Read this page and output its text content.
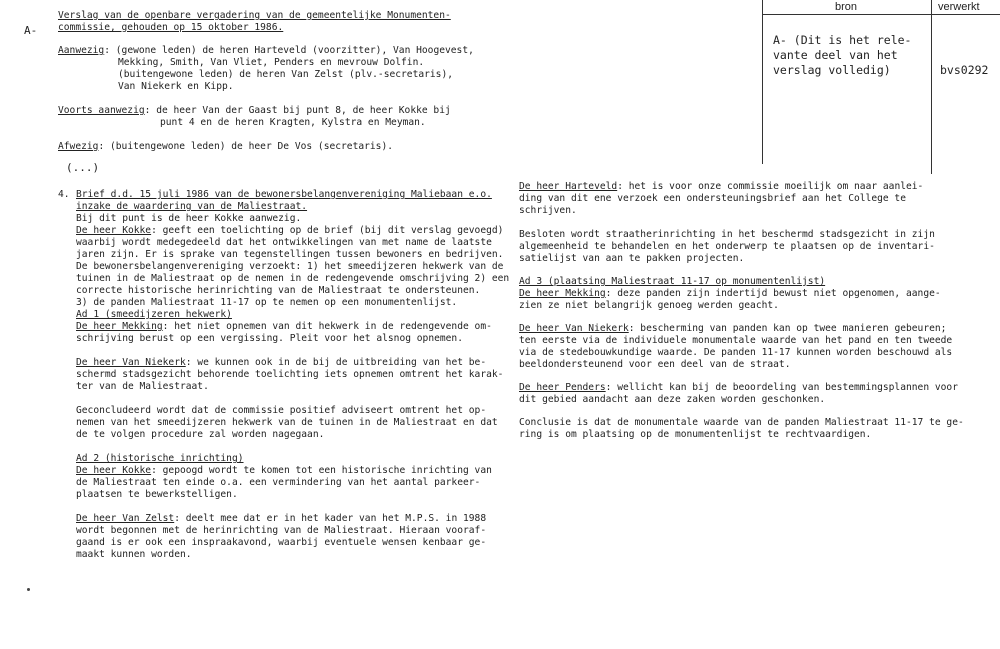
A-
bron	verwerkt
A- (Dit is het rele-
vante deel van het
verslag volledig)	bvs0292
Verslag van de openbare vergadering van de gemeentelijke Monumenten-
commissie, gehouden op 15 oktober 1986.
Aanwezig: (gewone leden) de heren Harteveld (voorzitter), Van Hoogevest,
Mekking, Smith, Van Vliet, Penders en mevrouw Dolfin.
(buitengewone leden) de heren Van Zelst (plv.-secretaris),
Van Niekerk en Kipp.
Voorts aanwezig: de heer Van der Gaast bij punt 8, de heer Kokke bij
punt 4 en de heren Kragten, Kylstra en Meyman.
Afwezig: (buitengewone leden) de heer De Vos (secretaris).
(...)
4. Brief d.d. 15 juli 1986 van de bewonersbelangenvereniging Maliebaan e.o.
inzake de waardering van de Maliestraat.
Bij dit punt is de heer Kokke aanwezig.
De heer Kokke: geeft een toelichting op de brief (bij dit verslag gevoegd)
waarbij wordt medegedeeld dat het ontwikkelingen van met name de laatste
jaren zijn. Er is sprake van tegenstellingen tussen bewoners en bedrijven.
De bewonersbelangenvereniging verzoekt: 1) het smeedijzeren hekwerk van de
tuinen in de Maliestraat op de nemen in de redengevende omschrijving 2) een
correcte historische herinrichting van de Maliestraat te ondersteunen.
3) de panden Maliestraat 11-17 op te nemen op een monumentenlijst.
Ad 1 (smeedijzeren hekwerk)
De heer Mekking: het niet opnemen van dit hekwerk in de redengevende om-
schrijving berust op een vergissing. Pleit voor het alsnog opnemen.
De heer Van Niekerk: we kunnen ook in de bij de uitbreiding van het be-
schermd stadsgezicht behorende toelichting iets opnemen omtrent het karak-
ter van de Maliestraat.
Geconcludeerd wordt dat de commissie positief adviseert omtrent het op-
nemen van het smeedijzeren hekwerk van de tuinen in de Maliestraat en dat
de te volgen procedure zal worden nagegaan.
Ad 2 (historische inrichting)
De heer Kokke: gepoogd wordt te komen tot een historische inrichting van
de Maliestraat ten einde o.a. een vermindering van het aantal parkeer-
plaatsen te bewerkstelligen.
De heer Van Zelst: deelt mee dat er in het kader van het M.P.S. in 1988
wordt begonnen met de herinrichting van de Maliestraat. Hieraan vooraf-
gaand is er ook een inspraakavond, waarbij eventuele wensen kenbaar ge-
maakt kunnen worden.
De heer Harteveld: het is voor onze commissie moeilijk om naar aanlei-
ding van dit ene verzoek een ondersteuningsbrief aan het College te
schrijven.
Besloten wordt straatherinrichting in het beschermd stadsgezicht in zijn
algemeenheid te behandelen en het onderwerp te plaatsen op de inventari-
satielijst van aan te pakken projecten.
Ad 3 (plaatsing Maliestraat 11-17 op monumentenlijst)
De heer Mekking: deze panden zijn indertijd bewust niet opgenomen, aange-
zien ze niet belangrijk genoeg werden geacht.
De heer Van Niekerk: bescherming van panden kan op twee manieren gebeuren;
ten eerste via de individuele monumentale waarde van het pand en ten tweede
via de stedebouwkundige waarde. De panden 11-17 kunnen worden beschouwd als
beeldondersteunend voor een deel van de straat.
De heer Penders: wellicht kan bij de beoordeling van bestemmingsplannen voor
dit gebied aandacht aan deze zaken worden geschonken.
Conclusie is dat de monumentale waarde van de panden Maliestraat 11-17 te ge-
ring is om plaatsing op de monumentenlijst te rechtvaardigen.
